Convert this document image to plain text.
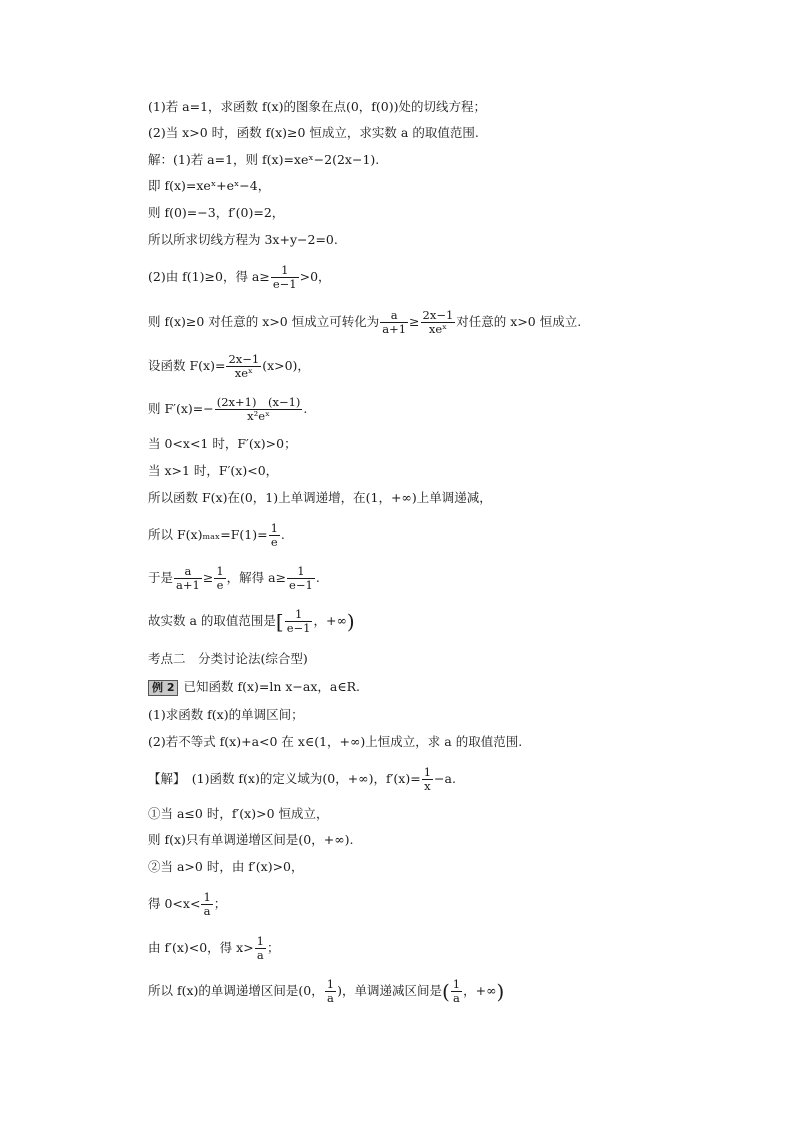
(1)若 a=1，求函数 f(x)的图象在点(0，f(0))处的切线方程；
(2)当 x>0 时，函数 f(x)≥0 恒成立，求实数 a 的取值范围.
解：(1)若 a=1，则 f(x)=xeˣ−2(2x−1).
即 f(x)=xeˣ+eˣ−4，
则 f(0)=−3，f′(0)=2，
所以所求切线方程为 3x+y−2=0.
(2)由 f(1)≥0，得 $a\ge \frac{1}{e-1} >0$，
则 f(x)≥0 对任意的 x>0 恒成立可转化为 $\frac{a}{a+1} \ge \frac{2x-1}{\text{xeˣ}}$ 对任意的 x>0 恒成立.
设函数 $F(x)= \frac{2x-1}{\text{xeˣ}} (x>0)$，
则 $F'(x)=- \frac{(2x+1) (x-1)}{\text{x²eˣ}}$ .
当 0<x<1 时，F′(x)>0；
当 x>1 时，F′(x)<0，
所以函数 F(x)在(0，1)上单调递增，在(1，+∞)上单调递减，
所以 $F(x)_{max}=F(1)= \frac{1}{e}$ .
于是 $\frac{a}{a+1} \ge \frac{1}{e}$ ，解得 $a\ge \frac{1}{e-1}$ .
故实数 a 的取值范围是[ $\frac{1}{e-1}$ ，+∞)
考点二　分类讨论法(综合型)
例 2 已知函数 f(x)=ln x−ax，a∈R.
(1)求函数 f(x)的单调区间；
(2)若不等式 f(x)+a<0 在 x∈(1，+∞)上恒成立，求 a 的取值范围.
【解】　(1)函数 f(x)的定义域为(0，+∞)，$f'(x)= \frac{1}{x} -a$.
①当 a≤0 时，f′(x)>0 恒成立，
则 f(x)只有单调递增区间是(0，+∞).
②当 a>0 时，由 f′(x)>0，
得 $0<x< \frac{1}{a}$ ；
由 f′(x)<0，得 $x> \frac{1}{a}$ ；
所以 f(x)的单调递增区间是(0， $\frac{1}{a}$ )，单调递减区间是( $\frac{1}{a}$ ，+∞)
